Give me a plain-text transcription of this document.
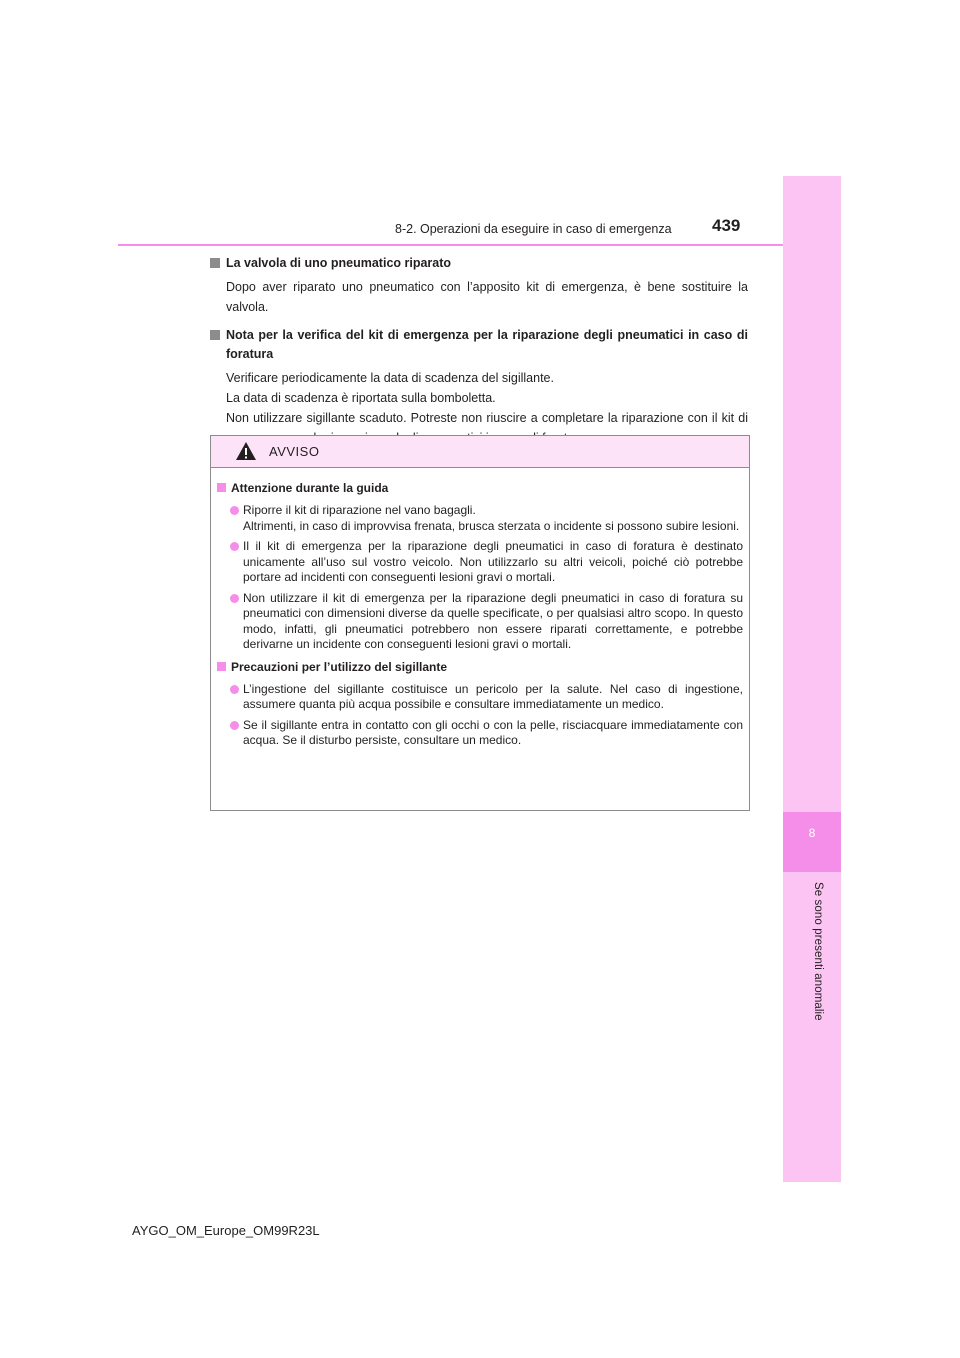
8
Se sono presenti anomalie
8-2. Operazioni da eseguire in caso di emergenza 439
La valvola di uno pneumatico riparato
Dopo aver riparato uno pneumatico con l’apposito kit di emergenza, è bene sostituire la valvola.
Nota per la verifica del kit di emergenza per la riparazione degli pneumatici in caso di foratura
Verificare periodicamente la data di scadenza del sigillante.
La data di scadenza è riportata sulla bomboletta.
Non utilizzare sigillante scaduto. Potreste non riuscire a completare la riparazione con il kit di
AVVISO
Attenzione durante la guida
Riporre il kit di riparazione nel vano bagagli.
Altrimenti, in caso di improvvisa frenata, brusca sterzata o incidente si possono subire lesioni.
Il il kit di emergenza per la riparazione degli pneumatici in caso di foratura è destinato unicamente all’uso sul vostro veicolo. Non utilizzarlo su altri veicoli, poiché ciò potrebbe portare ad incidenti con conseguenti lesioni gravi o mortali.
Non utilizzare il kit di emergenza per la riparazione degli pneumatici in caso di foratura su pneumatici con dimensioni diverse da quelle specificate, o per qualsiasi altro scopo. In questo modo, infatti, gli pneumatici potrebbero non essere riparati correttamente, e potrebbe derivarne un incidente con conseguenti lesioni gravi o mortali.
Precauzioni per l’utilizzo del sigillante
L’ingestione del sigillante costituisce un pericolo per la salute. Nel caso di ingestione, assumere quanta più acqua possibile e consultare immediatamente un medico.
Se il sigillante entra in contatto con gli occhi o con la pelle, risciacquare immediatamente con acqua. Se il disturbo persiste, consultare un medico.
AYGO_OM_Europe_OM99R23L
